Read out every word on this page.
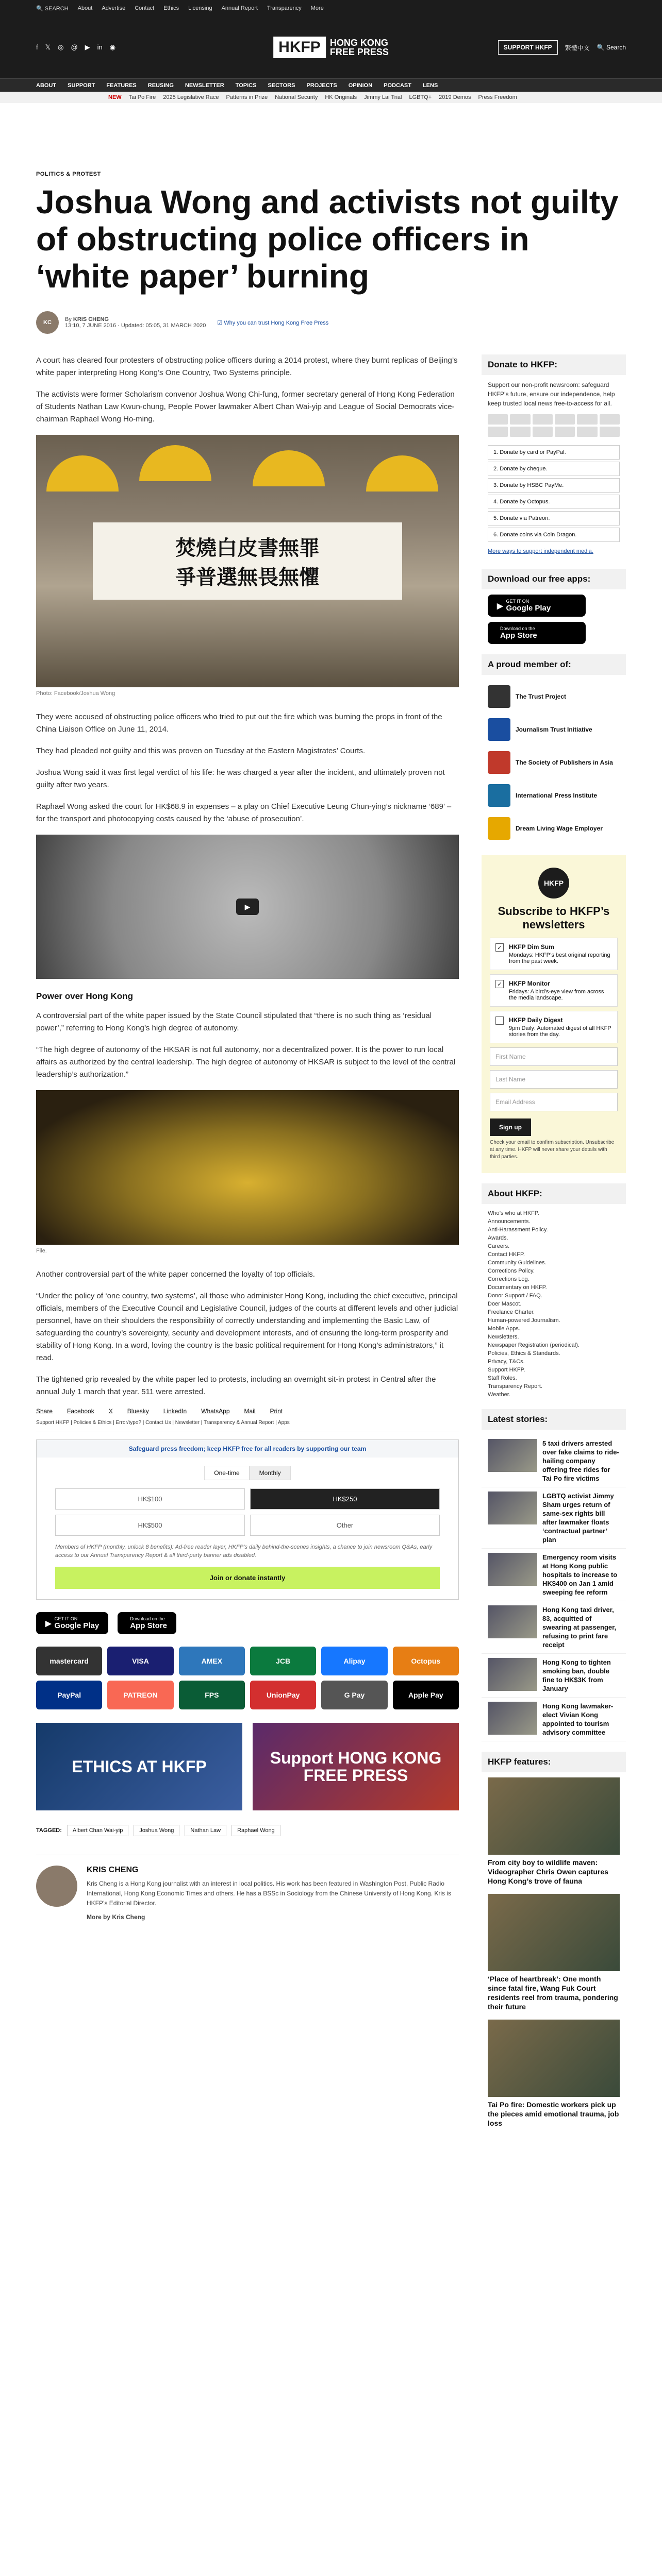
🔍 SEARCH About Advertise Contact Ethics Licensing Annual Report Transparency More
f 𝕏 ◎ @ ▶ in ◉	HKFP	HONG KONG
FREE PRESS	SUPPORT HKFP	繁體中文 🔍 Search
ABOUT SUPPORT FEATURES REUSING NEWSLETTER TOPICS SECTORS PROJECTS OPINION PODCAST LENS
NEW Tai Po Fire 2025 Legislative Race Patterns in Prize National Security HK Originals Jimmy Lai Trial LGBTQ+ 2019 Demos Press Freedom
POLITICS & PROTEST
Joshua Wong and activists not guilty of obstructing police officers in ‘white paper’ burning
KC	By KRIS CHENG
13:10, 7 JUNE 2016 · Updated: 05:05, 31 MARCH 2020 ☑ Why you can trust Hong Kong Free Press

A court has cleared four protesters of obstructing police officers during a 2014 protest, where they burnt replicas of Beijing’s white paper interpreting Hong Kong’s One Country, Two Systems principle.

The activists were former Scholarism convenor Joshua Wong Chi-fung, former secretary general of Hong Kong Federation of Students Nathan Law Kwun-chung, People Power lawmaker Albert Chan Wai-yip and League of Social Democrats vice-chairman Raphael Wong Ho-ming.

焚燒白皮書無罪
爭普選無畏無懼
Photo: Facebook/Joshua Wong

They were accused of obstructing police officers who tried to put out the fire which was burning the props in front of the China Liaison Office on June 11, 2014.

They had pleaded not guilty and this was proven on Tuesday at the Eastern Magistrates’ Courts.

Joshua Wong said it was first legal verdict of his life: he was charged a year after the incident, and ultimately proven not guilty after two years.

Raphael Wong asked the court for HK$68.9 in expenses – a play on Chief Executive Leung Chun-ying’s nickname ‘689’ – for the transport and photocopying costs caused by the ‘abuse of prosecution’.

▶
Power over Hong Kong

A controversial part of the white paper issued by the State Council stipulated that “there is no such thing as ‘residual power’,” referring to Hong Kong’s high degree of autonomy.

“The high degree of autonomy of the HKSAR is not full autonomy, nor a decentralized power. It is the power to run local affairs as authorized by the central leadership. The high degree of autonomy of HKSAR is subject to the level of the central leadership’s authorization.”

File.

Another controversial part of the white paper concerned the loyalty of top officials.

“Under the policy of ‘one country, two systems’, all those who administer Hong Kong, including the chief executive, principal officials, members of the Executive Council and Legislative Council, judges of the courts at different levels and other judicial personnel, have on their shoulders the responsibility of correctly understanding and implementing the Basic Law, of safeguarding the country’s sovereignty, security and development interests, and of ensuring the long-term prosperity and stability of Hong Kong. In a word, loving the country is the basic political requirement for Hong Kong’s administrators,” it read.

The tightened grip revealed by the white paper led to protests, including an overnight sit-in protest in Central after the annual July 1 march that year. 511 were arrested.

Share Facebook X Bluesky LinkedIn WhatsApp Mail Print
Support HKFP | Policies & Ethics | Error/typo? | Contact Us | Newsletter | Transparency & Annual Report | Apps
Safeguard press freedom; keep HKFP free for all readers by supporting our team
One-time	Monthly
HK$100	HK$250
HK$500	Other
Members of HKFP (monthly, unlock 8 benefits): Ad-free reader layer, HKFP’s daily behind-the-scenes insights, a chance to join newsroom Q&As, early access to our Annual Transparency Report & all third-party banner ads disabled.
Join or donate instantly
▶
GET IT ON
Google Play
Download on the
App Store
mastercard	VISA	AMEX	JCB	Alipay	Octopus
PayPal	PATREON	FPS	UnionPay	G Pay	Apple Pay
ETHICS AT HKFP	Support HONG KONG FREE PRESS
TAGGED:	Albert Chan Wai-yip	Joshua Wong	Nathan Law	Raphael Wong
KRIS CHENG

Kris Cheng is a Hong Kong journalist with an interest in local politics. His work has been featured in Washington Post, Public Radio International, Hong Kong Economic Times and others. He has a BSSc in Sociology from the Chinese University of Hong Kong. Kris is HKFP’s Editorial Director.

More by Kris Cheng

Donate to HKFP:
Support our non-profit newsroom: safeguard HKFP’s future, ensure our independence, help keep trusted local news free-to-access for all.
1. Donate by card or PayPal.
2. Donate by cheque.
3. Donate by HSBC PayMe.
4. Donate by Octopus.
5. Donate via Patreon.
6. Donate coins via Coin Dragon.
More ways to support independent media.
Download our free apps:
▶
GET IT ON
Google Play
Download on the
App Store
A proud member of:
The Trust Project
Journalism Trust Initiative
The Society of Publishers in Asia
International Press Institute
Dream Living Wage Employer
HKFP
Subscribe to HKFP’s newsletters
✓ HKFP Dim Sum
Mondays: HKFP’s best original reporting from the past week.
✓ HKFP Monitor
Fridays: A bird’s-eye view from across the media landscape.
HKFP Daily Digest
9pm Daily: Automated digest of all HKFP stories from the day.
First Name
Last Name
Email Address
Sign up
Check your email to confirm subscription. Unsubscribe at any time. HKFP will never share your details with third parties.
About HKFP:
Who’s who at HKFP.
Announcements.
Anti-Harassment Policy.
Awards.
Careers.
Contact HKFP.
Community Guidelines.
Corrections Policy.
Corrections Log.
Documentary on HKFP.
Donor Support / FAQ.
Doer Mascot.
Freelance Charter.
Human-powered Journalism.
Mobile Apps.
Newsletters.
Newspaper Registration (periodical).
Policies, Ethics & Standards.
Privacy, T&Cs.
Support HKFP.
Staff Roles.
Transparency Report.
Weather.
Latest stories:
5 taxi drivers arrested over fake claims to ride-hailing company offering free rides for Tai Po fire victims
LGBTQ activist Jimmy Sham urges return of same-sex rights bill after lawmaker floats ‘contractual partner’ plan
Emergency room visits at Hong Kong public hospitals to increase to HK$400 on Jan 1 amid sweeping fee reform
Hong Kong taxi driver, 83, acquitted of swearing at passenger, refusing to print fare receipt
Hong Kong to tighten smoking ban, double fine to HK$3K from January
Hong Kong lawmaker-elect Vivian Kong appointed to tourism advisory committee
HKFP features:
From city boy to wildlife maven: Videographer Chris Owen captures Hong Kong’s trove of fauna
‘Place of heartbreak’: One month since fatal fire, Wang Fuk Court residents reel from trauma, pondering their future
Tai Po fire: Domestic workers pick up the pieces amid emotional trauma, job loss
